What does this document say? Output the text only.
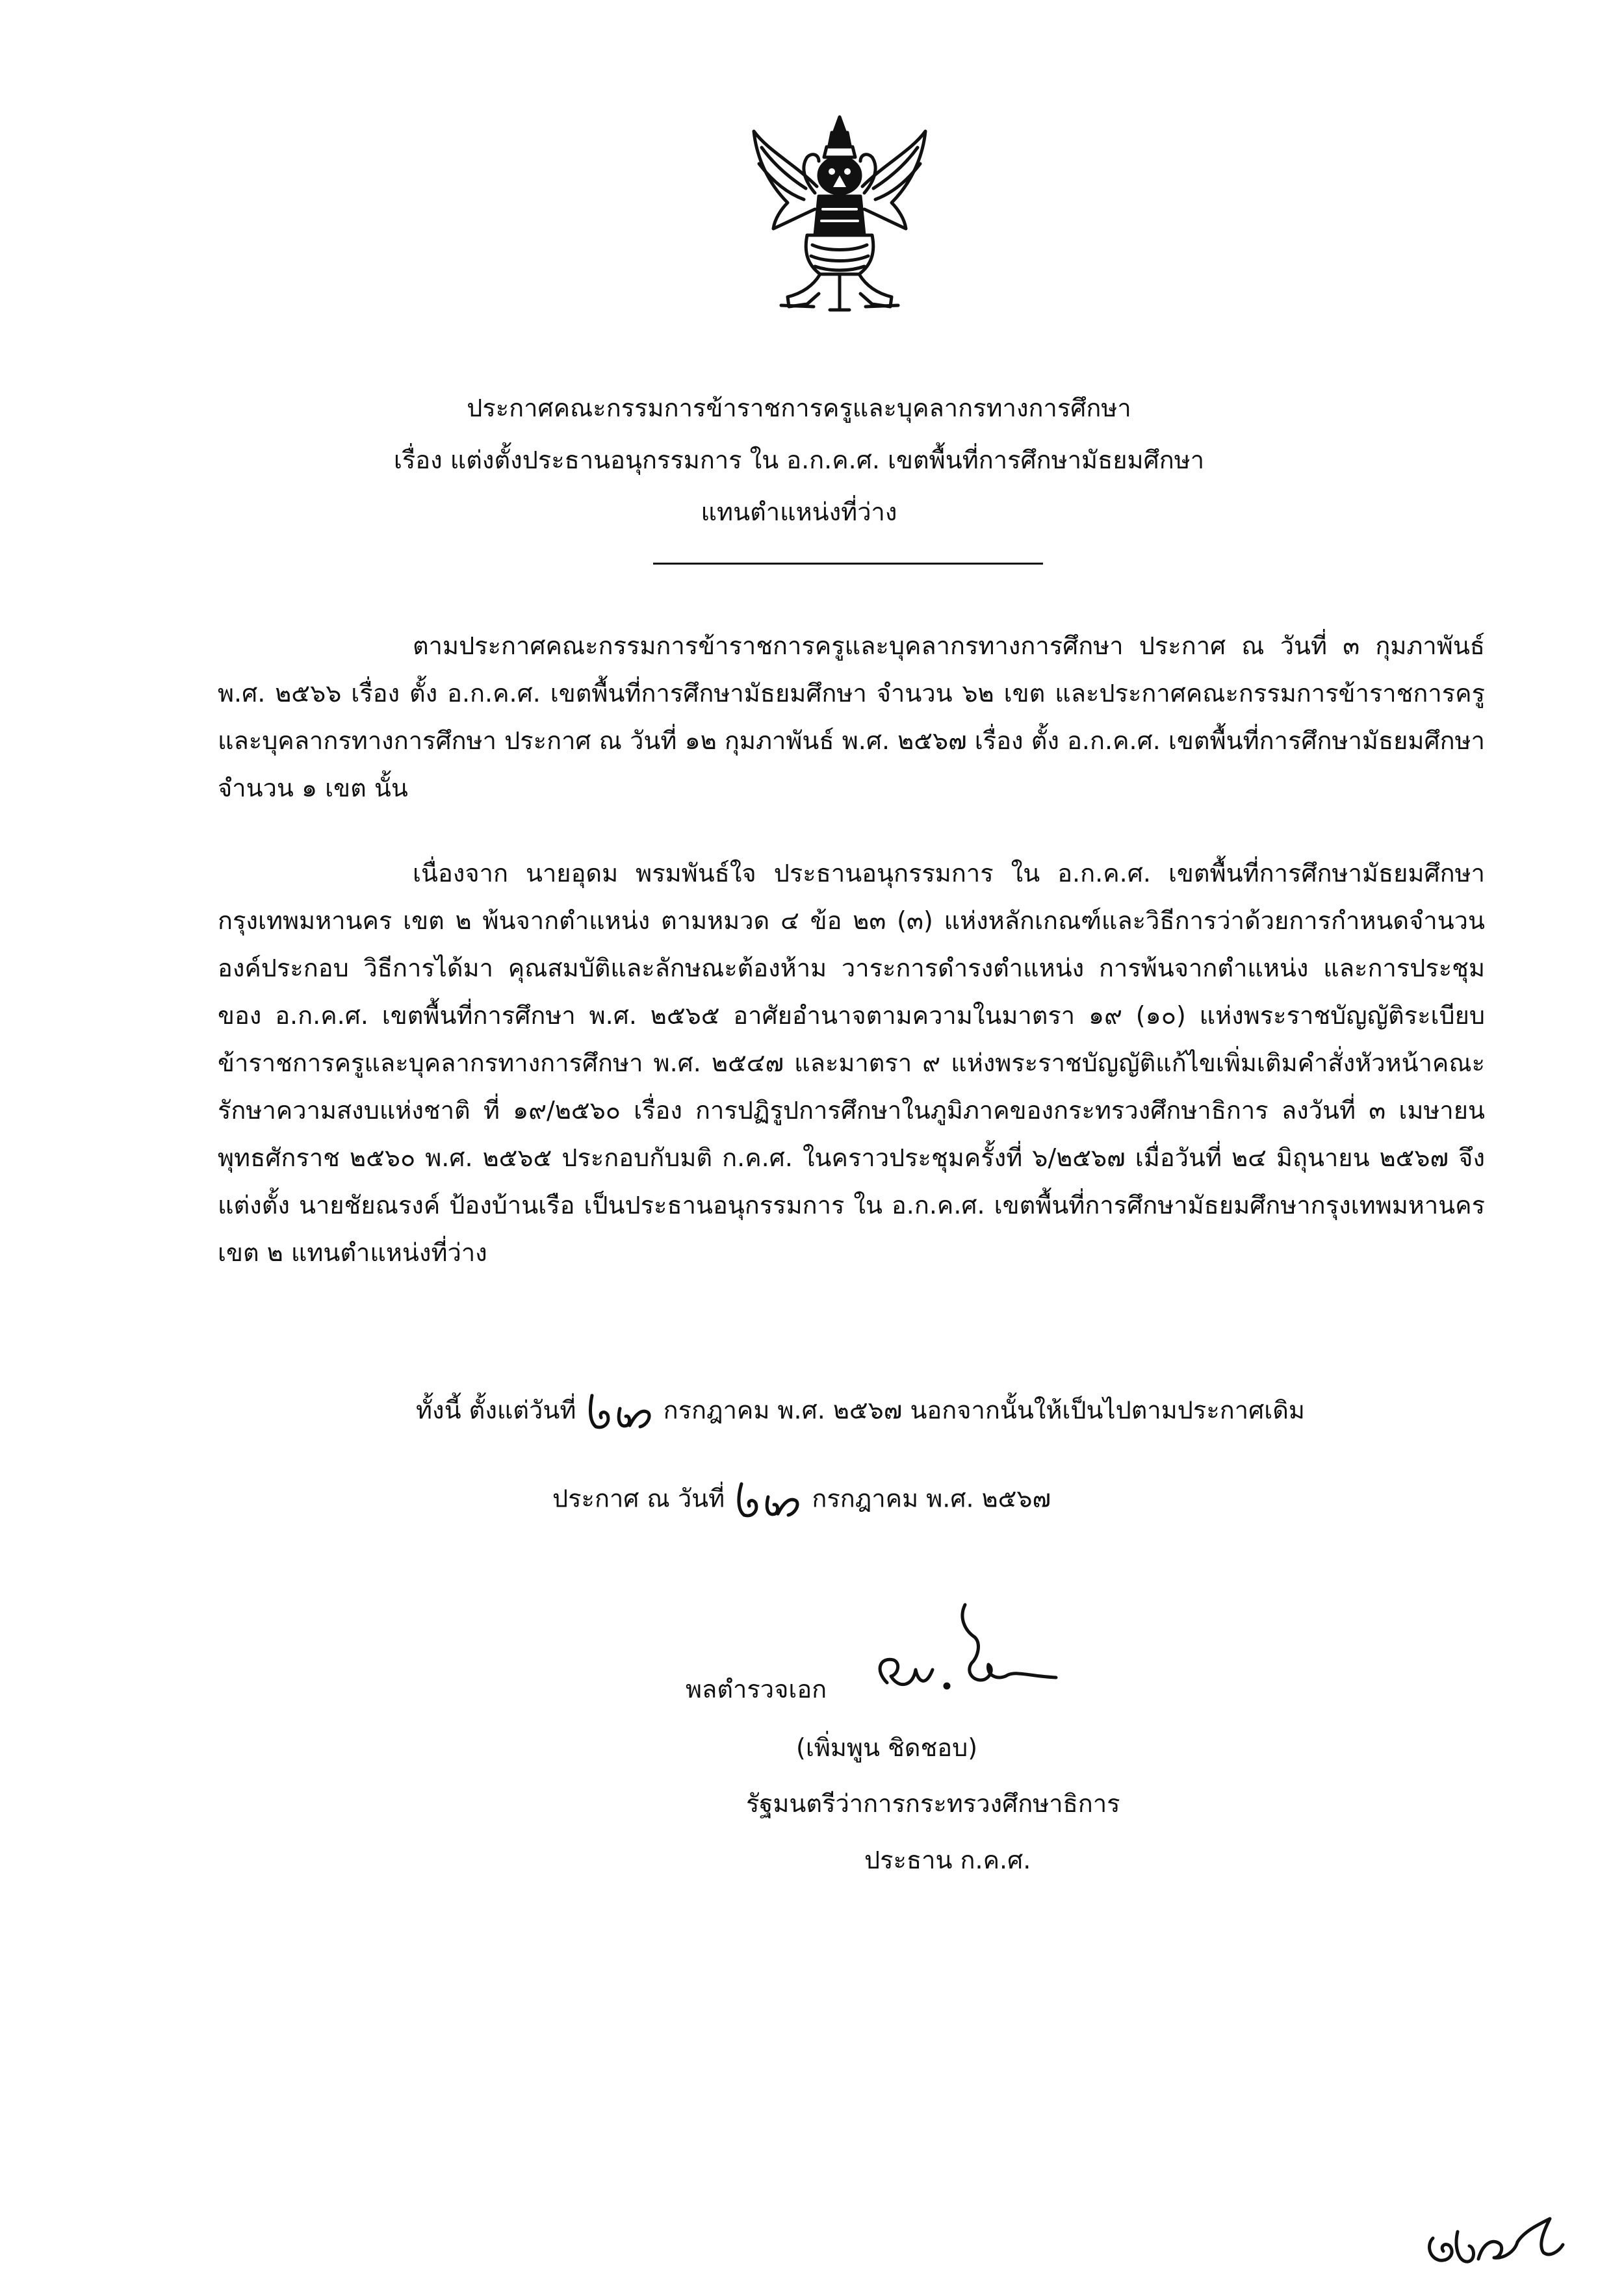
ประกาศคณะกรรมการข้าราชการครูและบุคลากรทางการศึกษา
เรื่อง แต่งตั้งประธานอนุกรรมการ ใน อ.ก.ค.ศ. เขตพื้นที่การศึกษามัธยมศึกษา
แทนตำแหน่งที่ว่าง
ตามประกาศคณะกรรมการข้าราชการครูและบุคลากรทางการศึกษา ประกาศ ณ วันที่ ๓ กุมภาพันธ์ พ.ศ. ๒๕๖๖ เรื่อง ตั้ง อ.ก.ค.ศ. เขตพื้นที่การศึกษามัธยมศึกษา จำนวน ๖๒ เขต และประกาศคณะกรรมการข้าราชการครูและบุคลากรทางการศึกษา ประกาศ ณ วันที่ ๑๒ กุมภาพันธ์ พ.ศ. ๒๕๖๗ เรื่อง ตั้ง อ.ก.ค.ศ. เขตพื้นที่การศึกษามัธยมศึกษา จำนวน ๑ เขต นั้น
เนื่องจาก นายอุดม พรมพันธ์ใจ ประธานอนุกรรมการ ใน อ.ก.ค.ศ. เขตพื้นที่การศึกษามัธยมศึกษากรุงเทพมหานคร เขต ๒ พ้นจากตำแหน่ง ตามหมวด ๔ ข้อ ๒๓ (๓) แห่งหลักเกณฑ์และวิธีการว่าด้วยการกำหนดจำนวน องค์ประกอบ วิธีการได้มา คุณสมบัติและลักษณะต้องห้าม วาระการดำรงตำแหน่ง การพ้นจากตำแหน่ง และการประชุมของ อ.ก.ค.ศ. เขตพื้นที่การศึกษา พ.ศ. ๒๕๖๕ อาศัยอำนาจตามความในมาตรา ๑๙ (๑๐) แห่งพระราชบัญญัติระเบียบข้าราชการครูและบุคลากรทางการศึกษา พ.ศ. ๒๕๔๗ และมาตรา ๙ แห่งพระราชบัญญัติแก้ไขเพิ่มเติมคำสั่งหัวหน้าคณะรักษาความสงบแห่งชาติ ที่ ๑๙/๒๕๖๐ เรื่อง การปฏิรูปการศึกษาในภูมิภาคของกระทรวงศึกษาธิการ ลงวันที่ ๓ เมษายน พุทธศักราช ๒๕๖๐ พ.ศ. ๒๕๖๕ ประกอบกับมติ ก.ค.ศ. ในคราวประชุมครั้งที่ ๖/๒๕๖๗ เมื่อวันที่ ๒๔ มิถุนายน ๒๕๖๗ จึงแต่งตั้ง นายชัยณรงค์ ป้องบ้านเรือ เป็นประธานอนุกรรมการ ใน อ.ก.ค.ศ. เขตพื้นที่การศึกษามัธยมศึกษากรุงเทพมหานคร เขต ๒ แทนตำแหน่งที่ว่าง
ทั้งนี้ ตั้งแต่วันที่	กรกฎาคม พ.ศ. ๒๕๖๗ นอกจากนั้นให้เป็นไปตามประกาศเดิม
ประกาศ ณ วันที่	กรกฎาคม พ.ศ. ๒๕๖๗
พลตำรวจเอก
(เพิ่มพูน ชิดชอบ)
รัฐมนตรีว่าการกระทรวงศึกษาธิการ
ประธาน ก.ค.ศ.
